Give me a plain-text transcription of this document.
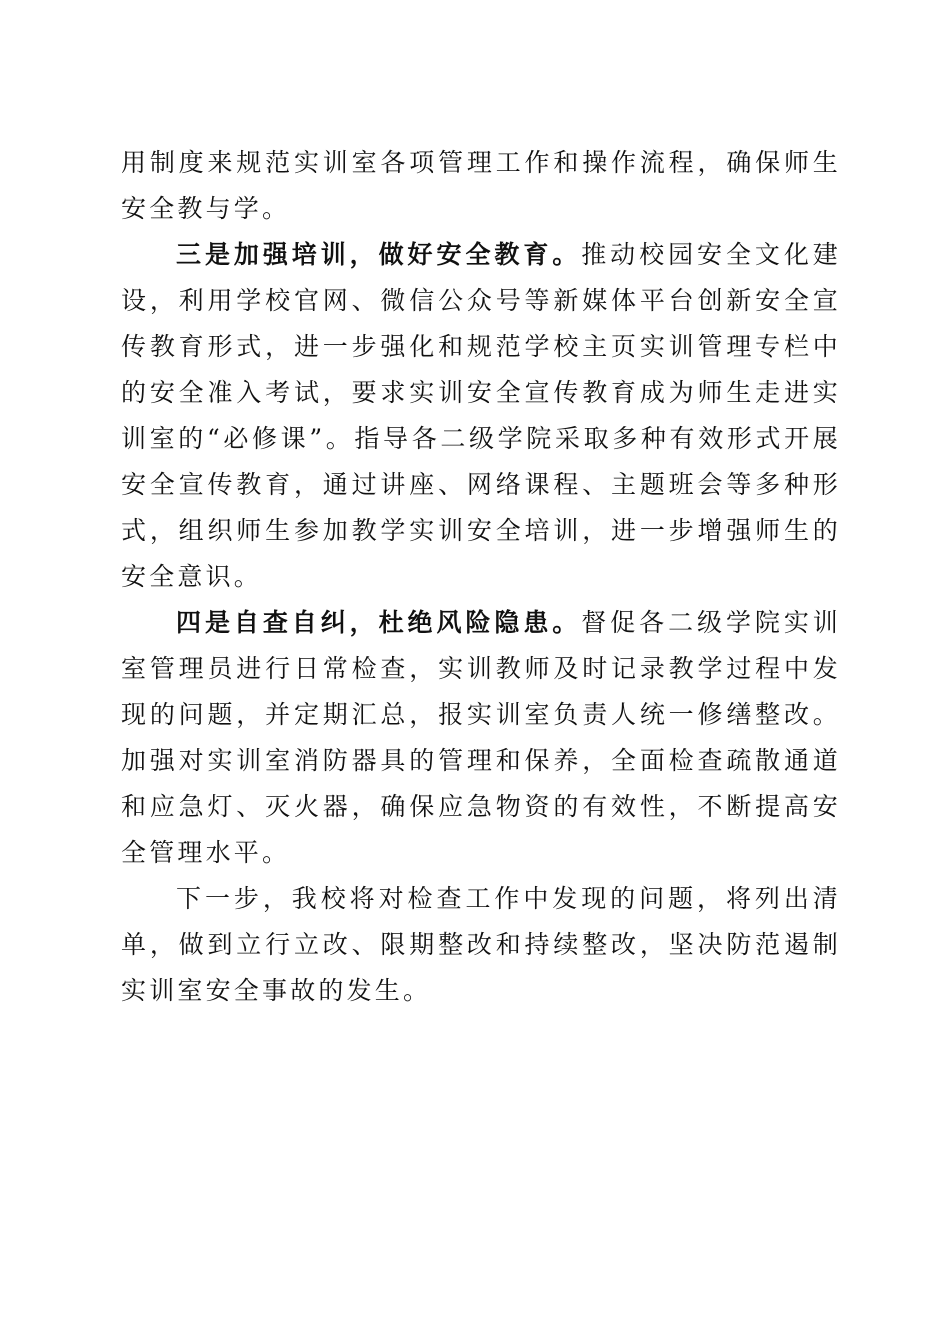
用制度来规范实训室各项管理工作和操作流程，确保师生安全教与学。

三是加强培训，做好安全教育。推动校园安全文化建设，利用学校官网、微信公众号等新媒体平台创新安全宣传教育形式，进一步强化和规范学校主页实训管理专栏中的安全准入考试，要求实训安全宣传教育成为师生走进实训室的“必修课”。指导各二级学院采取多种有效形式开展安全宣传教育，通过讲座、网络课程、主题班会等多种形式，组织师生参加教学实训安全培训，进一步增强师生的安全意识。

四是自查自纠，杜绝风险隐患。督促各二级学院实训室管理员进行日常检查，实训教师及时记录教学过程中发现的问题，并定期汇总，报实训室负责人统一修缮整改。加强对实训室消防器具的管理和保养，全面检查疏散通道和应急灯、灭火器，确保应急物资的有效性，不断提高安全管理水平。

下一步，我校将对检查工作中发现的问题，将列出清单，做到立行立改、限期整改和持续整改，坚决防范遏制实训室安全事故的发生。
